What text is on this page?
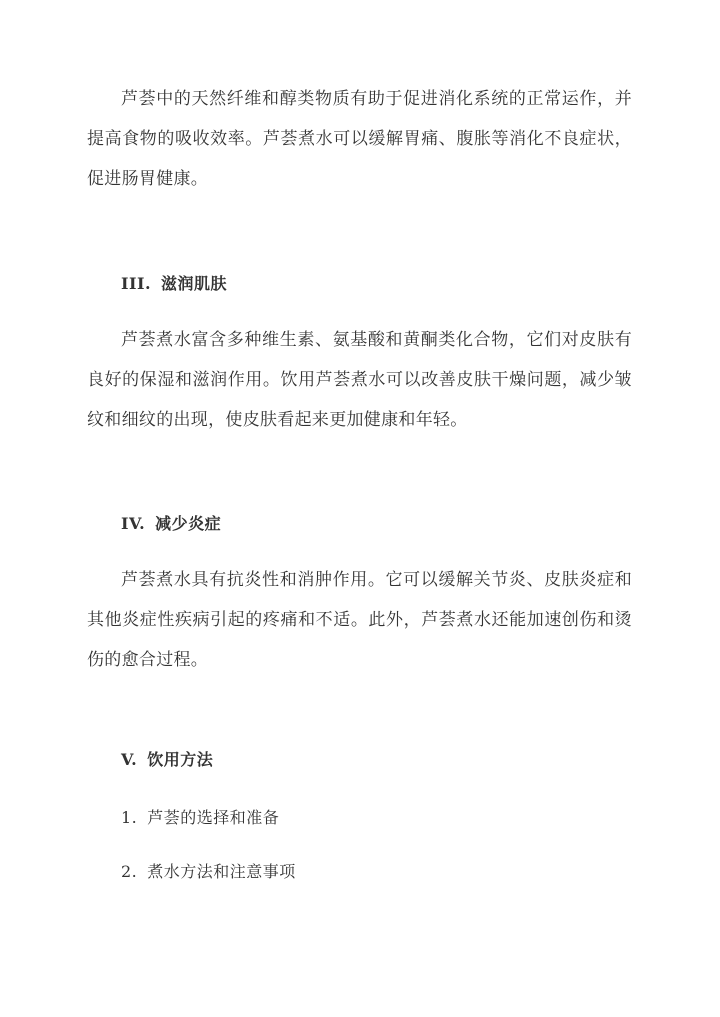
芦荟中的天然纤维和醇类物质有助于促进消化系统的正常运作，并提高食物的吸收效率。芦荟煮水可以缓解胃痛、腹胀等消化不良症状，促进肠胃健康。

III. 滋润肌肤

芦荟煮水富含多种维生素、氨基酸和黄酮类化合物，它们对皮肤有良好的保湿和滋润作用。饮用芦荟煮水可以改善皮肤干燥问题，减少皱纹和细纹的出现，使皮肤看起来更加健康和年轻。

IV. 减少炎症

芦荟煮水具有抗炎性和消肿作用。它可以缓解关节炎、皮肤炎症和其他炎症性疾病引起的疼痛和不适。此外，芦荟煮水还能加速创伤和烫伤的愈合过程。

V. 饮用方法

1. 芦荟的选择和准备

2. 煮水方法和注意事项
